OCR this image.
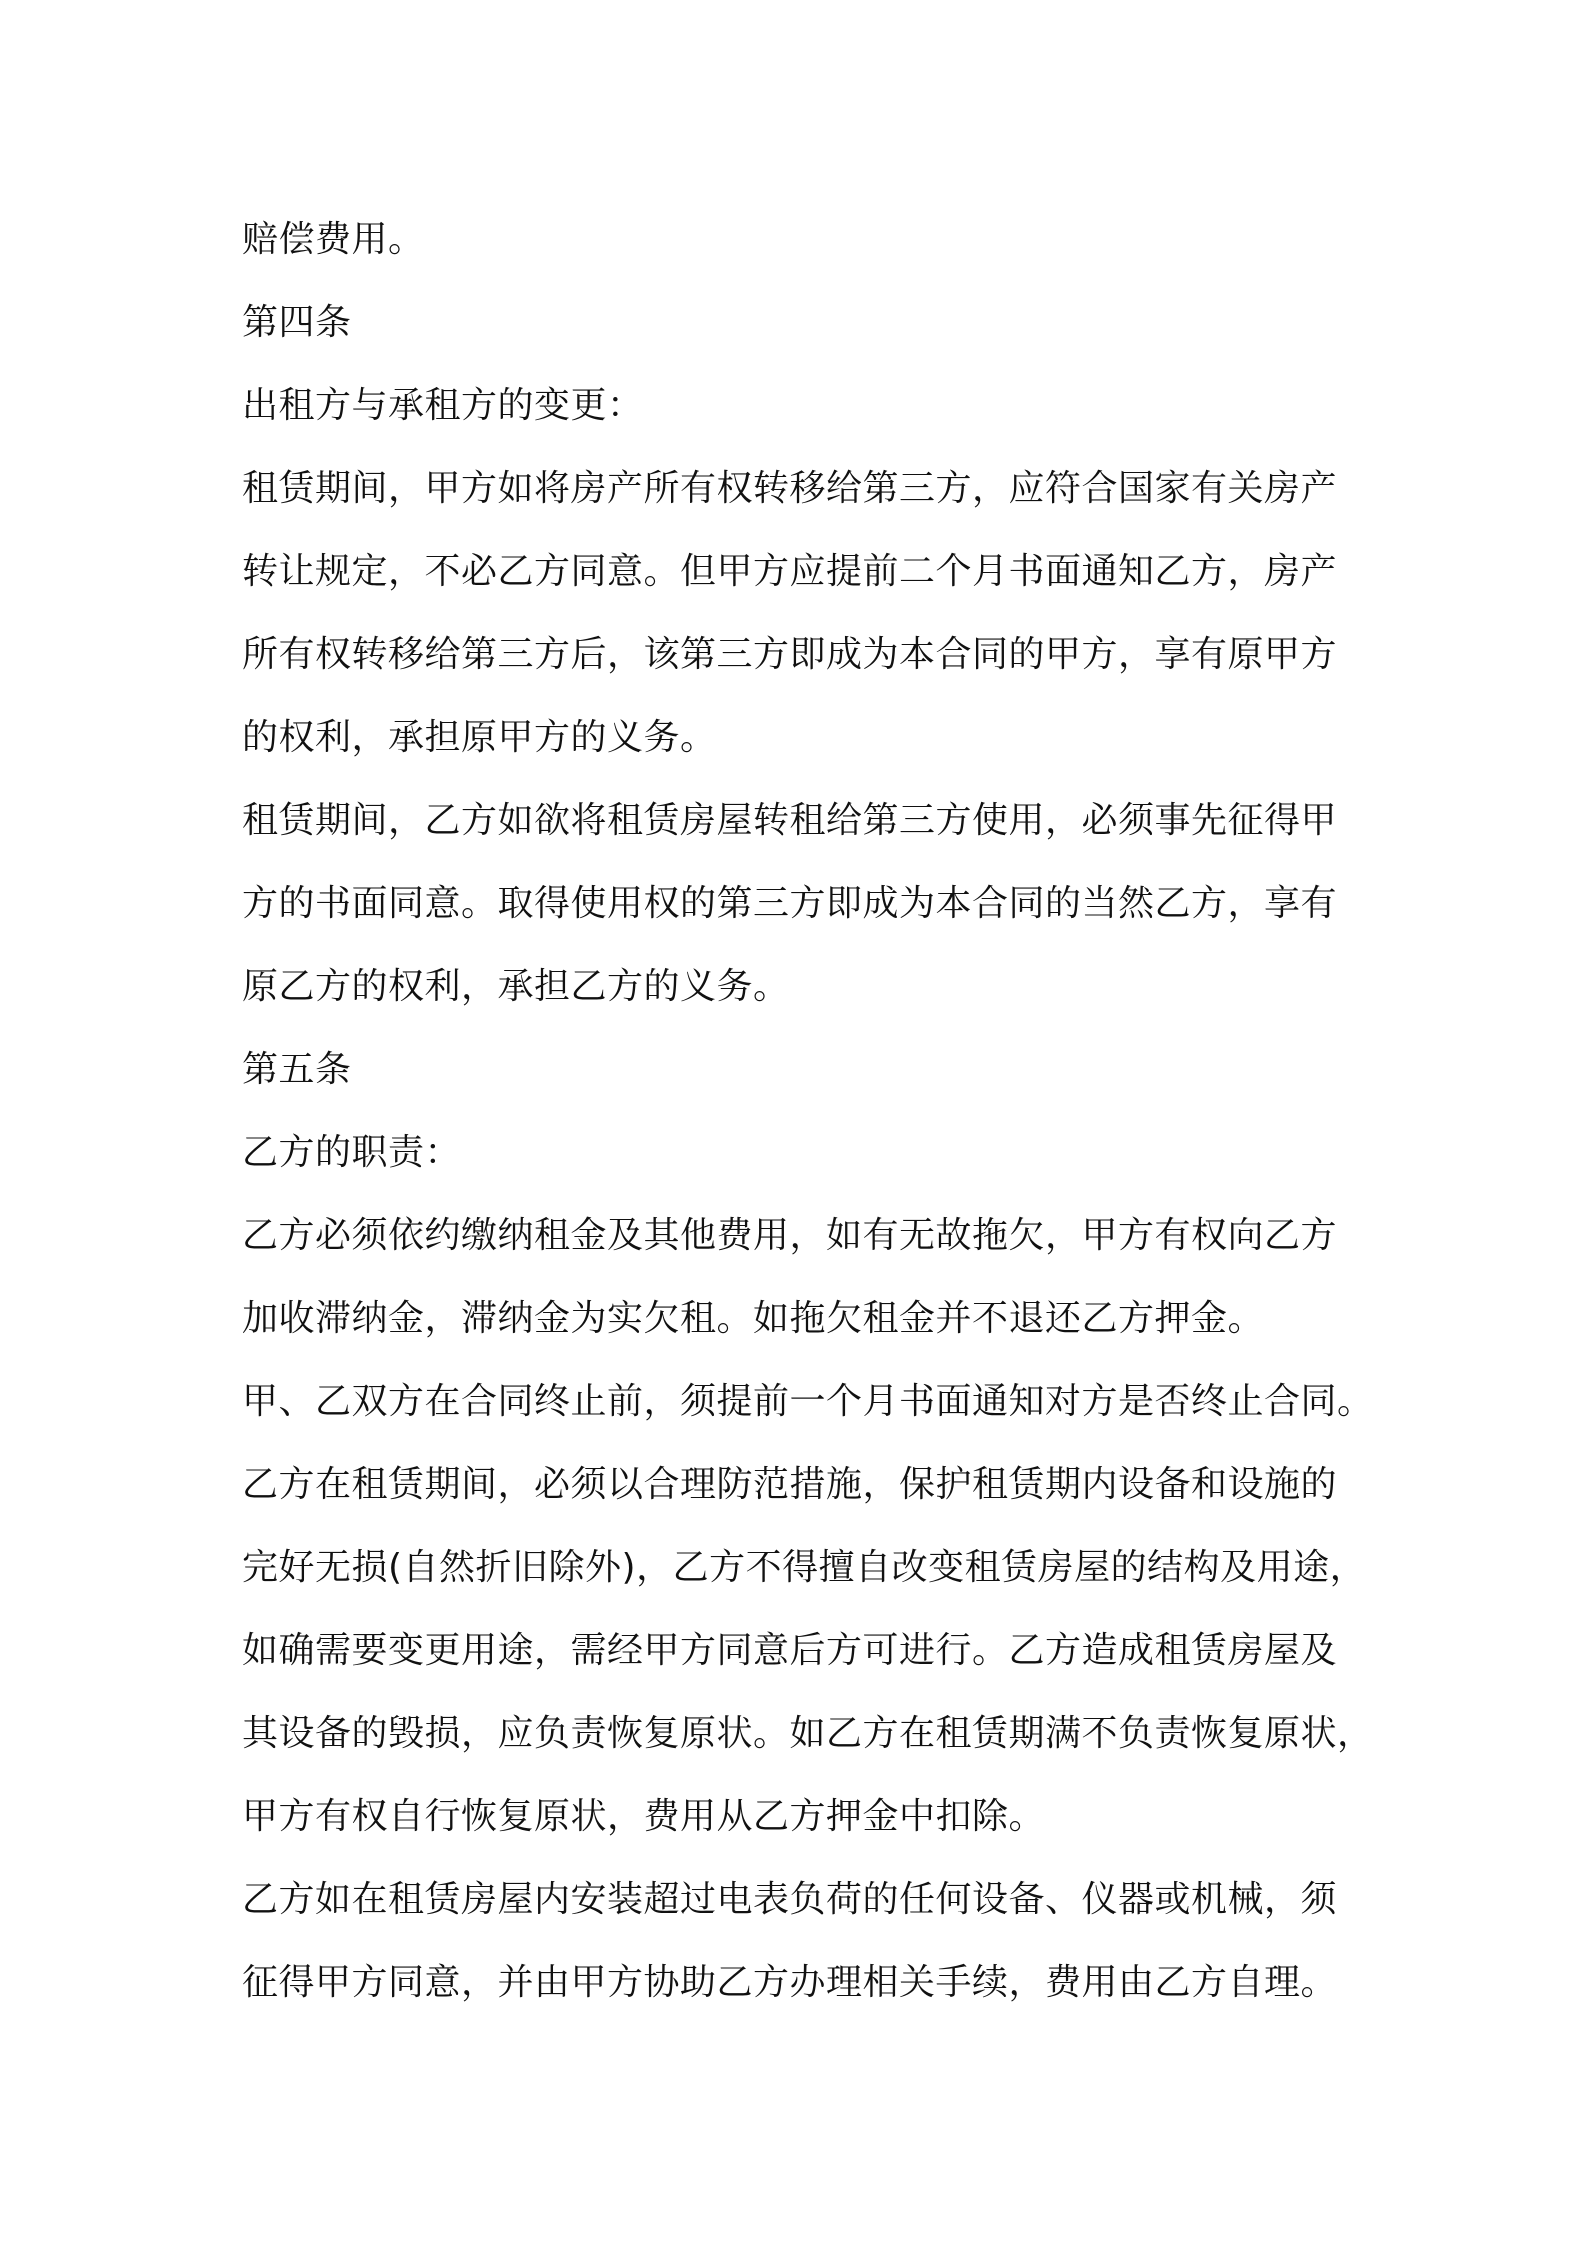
赔偿费用。
第四条
出租方与承租方的变更：
租赁期间，甲方如将房产所有权转移给第三方，应符合国家有关房产
转让规定，不必乙方同意。但甲方应提前二个月书面通知乙方，房产
所有权转移给第三方后，该第三方即成为本合同的甲方，享有原甲方
的权利，承担原甲方的义务。
租赁期间，乙方如欲将租赁房屋转租给第三方使用，必须事先征得甲
方的书面同意。取得使用权的第三方即成为本合同的当然乙方，享有
原乙方的权利，承担乙方的义务。
第五条
乙方的职责：
乙方必须依约缴纳租金及其他费用，如有无故拖欠，甲方有权向乙方
加收滞纳金，滞纳金为实欠租。如拖欠租金并不退还乙方押金。
甲、乙双方在合同终止前，须提前一个月书面通知对方是否终止合同。
乙方在租赁期间，必须以合理防范措施，保护租赁期内设备和设施的
完好无损(自然折旧除外)，乙方不得擅自改变租赁房屋的结构及用途，
如确需要变更用途，需经甲方同意后方可进行。乙方造成租赁房屋及
其设备的毁损，应负责恢复原状。如乙方在租赁期满不负责恢复原状，
甲方有权自行恢复原状，费用从乙方押金中扣除。
乙方如在租赁房屋内安装超过电表负荷的任何设备、仪器或机械，须
征得甲方同意，并由甲方协助乙方办理相关手续，费用由乙方自理。
